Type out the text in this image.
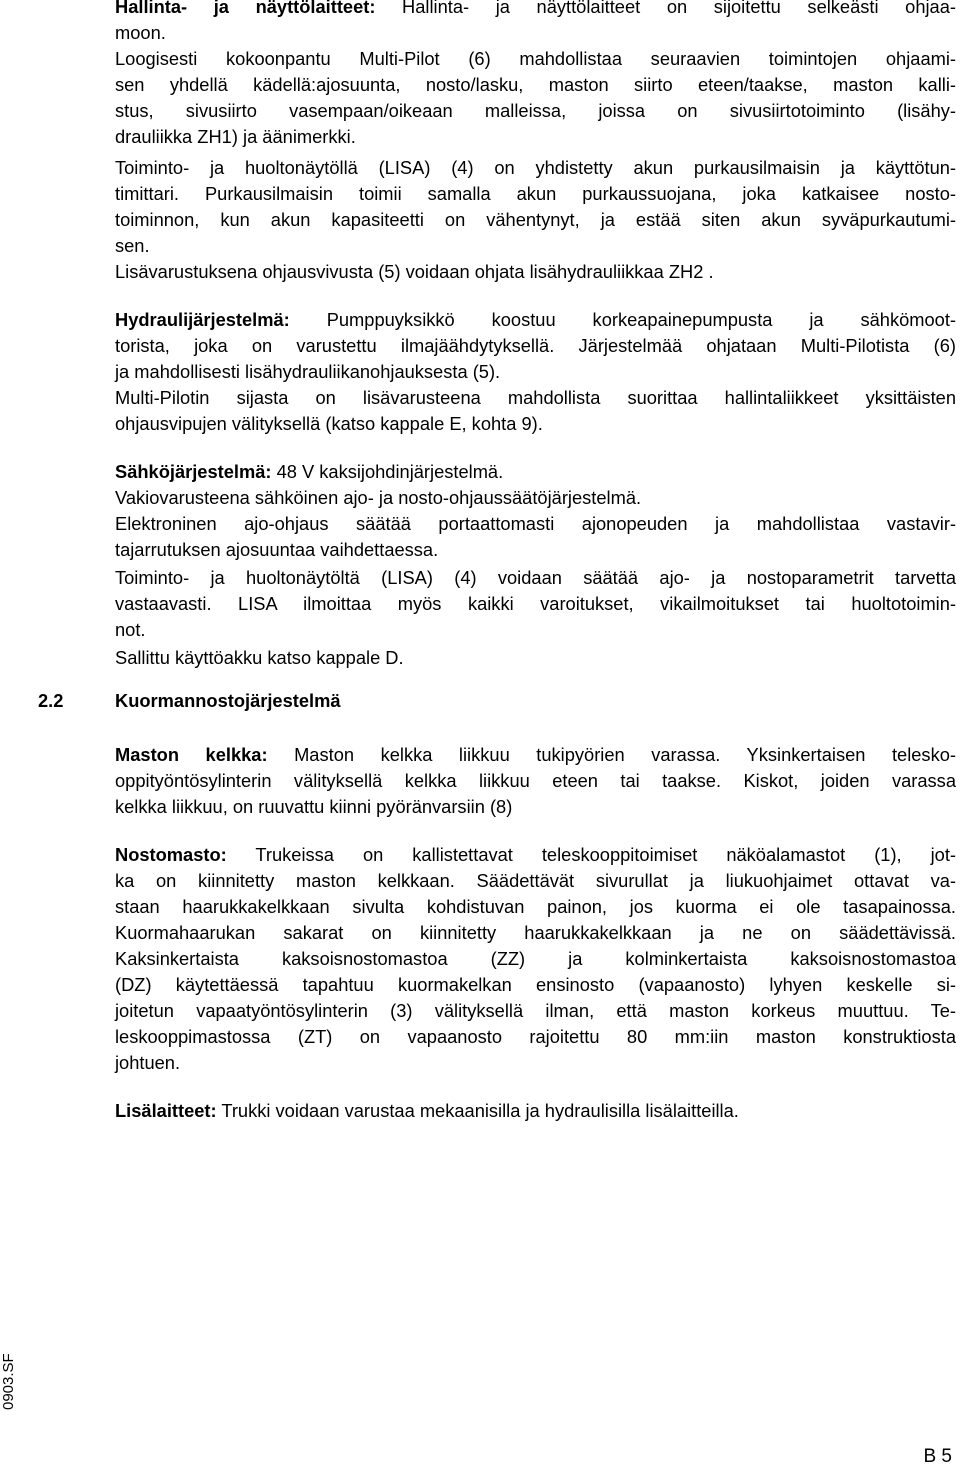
Hallinta- ja näyttölaitteet: Hallinta- ja näyttölaitteet on sijoitettu selkeästi ohjaa-
moon.
Loogisesti kokoonpantu Multi-Pilot (6) mahdollistaa seuraavien toimintojen ohjaami-
sen yhdellä kädellä:ajosuunta, nosto/lasku, maston siirto eteen/taakse, maston kalli-
stus, sivusiirto vasempaan/oikeaan malleissa, joissa on sivusiirtotoiminto (lisähy-
drauliikka ZH1) ja äänimerkki.
Toiminto- ja huoltonäytöllä (LISA) (4) on yhdistetty akun purkausilmaisin ja käyttötun-
timittari. Purkausilmaisin toimii samalla akun purkaussuojana, joka katkaisee nosto-
toiminnon, kun akun kapasiteetti on vähentynyt, ja estää siten akun syväpurkautumi-
sen.
Lisävarustuksena ohjausvivusta (5) voidaan ohjata lisähydrauliikkaa ZH2 .
Hydraulijärjestelmä: Pumppuyksikkö koostuu korkeapainepumpusta ja sähkömoot-
torista, joka on varustettu ilmajäähdytyksellä. Järjestelmää ohjataan Multi-Pilotista (6)
ja mahdollisesti lisähydrauliikanohjauksesta (5).
Multi-Pilotin sijasta on lisävarusteena mahdollista suorittaa hallintaliikkeet yksittäisten
ohjausvipujen välityksellä (katso kappale E, kohta 9).
Sähköjärjestelmä: 48 V kaksijohdinjärjestelmä.
Vakiovarusteena sähköinen ajo- ja nosto-ohjaussäätöjärjestelmä.
Elektroninen ajo-ohjaus säätää portaattomasti ajonopeuden ja mahdollistaa vastavir-
tajarrutuksen ajosuuntaa vaihdettaessa.
Toiminto- ja huoltonäytöltä (LISA) (4) voidaan säätää ajo- ja nostoparametrit tarvetta
vastaavasti. LISA ilmoittaa myös kaikki varoitukset, vikailmoitukset tai huoltotoimin-
not.
Sallittu käyttöakku katso kappale D.
2.2	Kuormannostojärjestelmä
Maston kelkka: Maston kelkka liikkuu tukipyörien varassa. Yksinkertaisen telesko-
oppityöntösylinterin välityksellä kelkka liikkuu eteen tai taakse. Kiskot, joiden varassa
kelkka liikkuu, on ruuvattu kiinni pyöränvarsiin (8)
Nostomasto: Trukeissa on kallistettavat teleskooppitoimiset näköalamastot (1), jot-
ka on kiinnitetty maston kelkkaan. Säädettävät sivurullat ja liukuohjaimet ottavat va-
staan haarukkakelkkaan sivulta kohdistuvan painon, jos kuorma ei ole tasapainossa.
Kuormahaarukan sakarat on kiinnitetty haarukkakelkkaan ja ne on säädettävissä.
Kaksinkertaista kaksoisnostomastoa (ZZ) ja kolminkertaista kaksoisnostomastoa
(DZ) käytettäessä tapahtuu kuormakelkan ensinosto (vapaanosto) lyhyen keskelle si-
joitetun vapaatyöntösylinterin (3) välityksellä ilman, että maston korkeus muuttuu. Te-
leskooppimastossa (ZT) on vapaanosto rajoitettu 80 mm:iin maston konstruktiosta
johtuen.
Lisälaitteet: Trukki voidaan varustaa mekaanisilla ja hydraulisilla lisälaitteilla.
0903.SF
B 5
